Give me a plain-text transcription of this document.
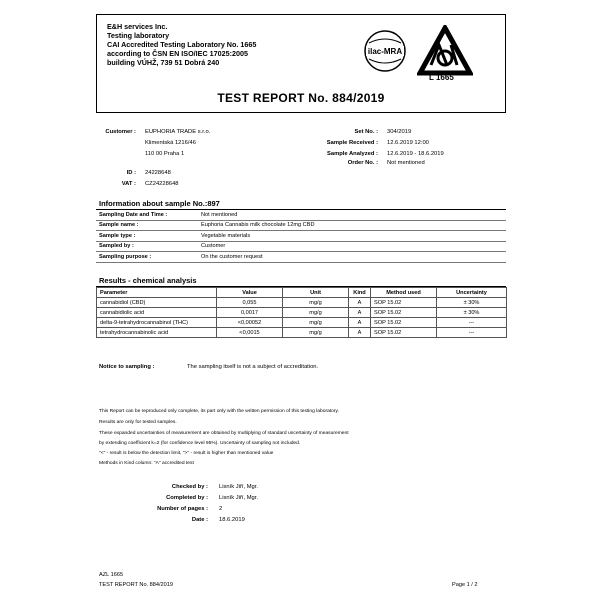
E&H services Inc.
Testing laboratory
CAI Accredited Testing Laboratory No. 1665
according to ČSN EN ISO/IEC 17025:2005
building VÚHŽ, 739 51 Dobrá 240
ilac-MRA
L 1665
TEST REPORT No. 884/2019
Customer : EUPHORIA TRADE s.r.o.
Klimentská 1216/46
110 00 Praha 1
ID : 24228648
VAT : CZ24228648
Set No. : 304/2019
Sample Received : 12.6.2019 12:00
Sample Analyzed : 12.6.2019 - 18.6.2019
Order No. : Not mentioned
Information about sample No.:897
Sampling Date and Time :	Not mentioned
Sample name :	Euphoria Cannabis milk chocolate 12mg CBD
Sample type :	Vegetable materials
Sampled by :	Customer
Sampling purpose :	On the customer request
Results - chemical analysis
Parameter	Value	Unit	Kind	Method used	Uncertainty
cannabidiol (CBD)	0,055	mg/g	A	SOP 15.02	± 30%
cannabidiolic acid	0,0017	mg/g	A	SOP 15.02	± 30%
delta-9-tetrahydrocannabinol (THC)	<0,00052	mg/g	A	SOP 15.02	---
tetrahydrocannabinolic acid	<0,0015	mg/g	A	SOP 15.02	---
Notice to sampling :	The sampling itself is not a subject of accreditation.
This Report can be reproduced only complete, its part only with the written permission of this testing laboratory.
Results are only for tested samples.
These expanded uncertainties of measurement are obtained by multiplying of standard uncertainty of measurement
by extending coefficient k=2 (for confidence level 95%). Uncertainty of sampling not included.
"<" - result is below the detection limit, ">" - result is higher than mentioned value
Methods in Kind column: "A" accredited test
Checked by : Lisník Jiří, Mgr.
Completed by : Lisník Jiří, Mgr.
Number of pages : 2
Date : 18.6.2019
AZL 1665
TEST REPORT No. 884/2019	Page 1 / 2
